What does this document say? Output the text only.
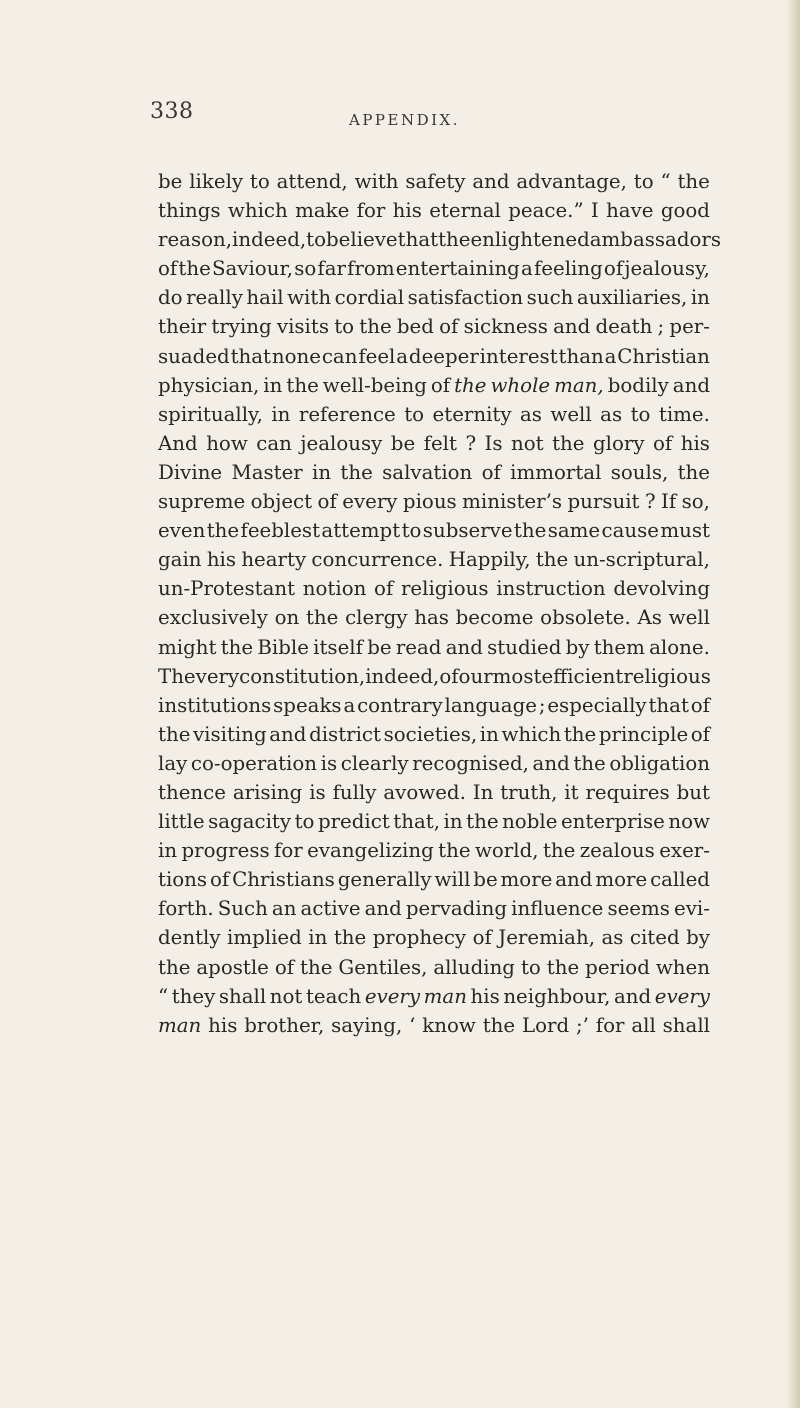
338	APPENDIX.
be likely to attend, with safety and advantage, to “ the
things which make for his eternal peace.” I have good
reason, indeed, to believe that the enlightened ambassadors
of the Saviour, so far from entertaining a feeling of jealousy,
do really hail with cordial satisfaction such auxiliaries, in
their trying visits to the bed of sickness and death ; per-
suaded that none can feel a deeper interest than a Christian
physician, in the well-being of the whole man, bodily and
spiritually, in reference to eternity as well as to time.
And how can jealousy be felt ? Is not the glory of his
Divine Master in the salvation of immortal souls, the
supreme object of every pious minister’s pursuit ? If so,
even the feeblest attempt to subserve the same cause must
gain his hearty concurrence. Happily, the un-scriptural,
un-Protestant notion of religious instruction devolving
exclusively on the clergy has become obsolete. As well
might the Bible itself be read and studied by them alone.
The very constitution, indeed, of our most efficient religious
institutions speaks a contrary language ; especially that of
the visiting and district societies, in which the principle of
lay co-operation is clearly recognised, and the obligation
thence arising is fully avowed. In truth, it requires but
little sagacity to predict that, in the noble enterprise now
in progress for evangelizing the world, the zealous exer-
tions of Christians generally will be more and more called
forth. Such an active and pervading influence seems evi-
dently implied in the prophecy of Jeremiah, as cited by
the apostle of the Gentiles, alluding to the period when
“ they shall not teach every man his neighbour, and every
man his brother, saying, ‘ know the Lord ;’ for all shall
